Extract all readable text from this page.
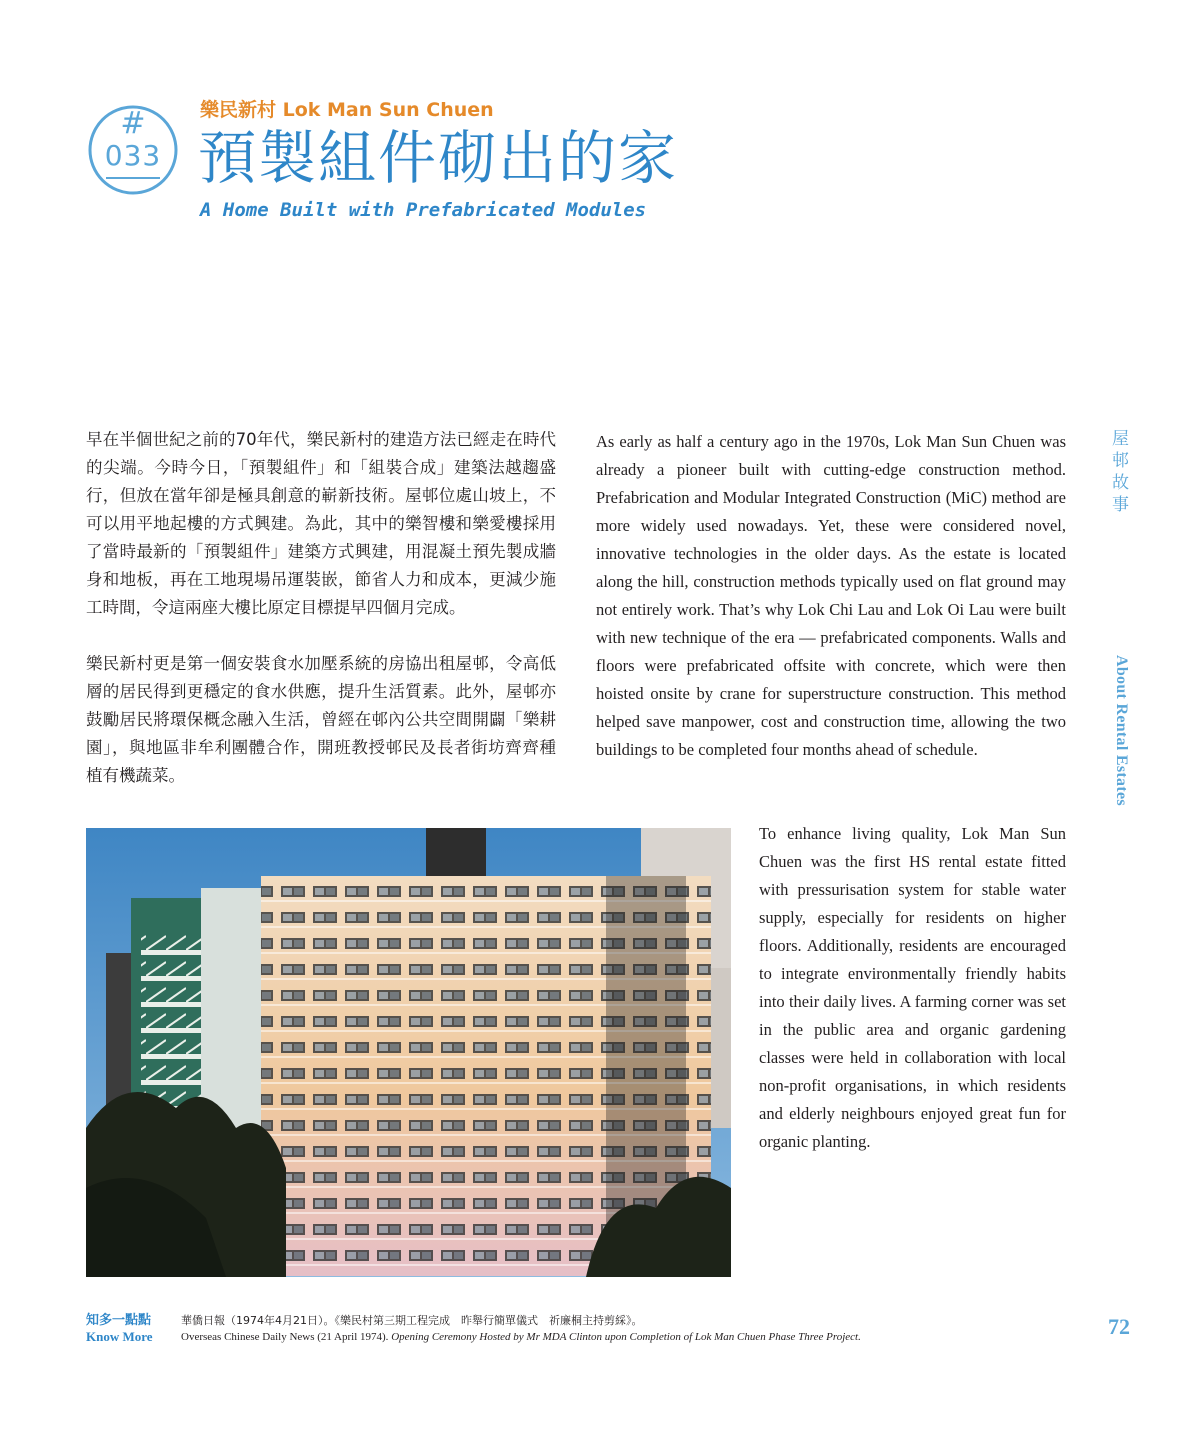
#
033
樂民新村 Lok Man Sun Chuen
預製組件砌出的家
A Home Built with Prefabricated Modules

早在半個世紀之前的70年代，樂民新村的建造方法已經走在時代的尖端。今時今日，「預製組件」和「組裝合成」建築法越趨盛行，但放在當年卻是極具創意的嶄新技術。屋邨位處山坡上，不可以用平地起樓的方式興建。為此，其中的樂智樓和樂愛樓採用了當時最新的「預製組件」建築方式興建，用混凝土預先製成牆身和地板，再在工地現場吊運裝嵌，節省人力和成本，更減少施工時間，令這兩座大樓比原定目標提早四個月完成。

樂民新村更是第一個安裝食水加壓系統的房協出租屋邨，令高低層的居民得到更穩定的食水供應，提升生活質素。此外，屋邨亦鼓勵居民將環保概念融入生活，曾經在邨內公共空間開闢「樂耕園」，與地區非牟利團體合作，開班教授邨民及長者街坊齊齊種植有機蔬菜。

As early as half a century ago in the 1970s, Lok Man Sun Chuen was already a pioneer built with cutting-edge construction method. Prefabrication and Modular Integrated Construction (MiC) method are more widely used nowadays. Yet, these were considered novel, innovative technologies in the older days. As the estate is located along the hill, construction methods typically used on flat ground may not entirely work. That’s why Lok Chi Lau and Lok Oi Lau were built with new technique of the era — prefabricated components. Walls and floors were prefabricated offsite with concrete, which were then hoisted onsite by crane for superstructure construction. This method helped save manpower, cost and construction time, allowing the two buildings to be completed four months ahead of schedule.

To enhance living quality, Lok Man Sun Chuen was the first HS rental estate fitted with pressurisation system for stable water supply, especially for residents on higher floors. Additionally, residents are encouraged to integrate environmentally friendly habits into their daily lives. A farming corner was set in the public area and organic gardening classes were held in collaboration with local non-profit organisations, in which residents and elderly neighbours enjoyed great fun for organic planting.

屋邨故事
About Rental Estates
知多一點點
Know More
華僑日報（1974年4月21日）。《樂民村第三期工程完成　昨舉行簡單儀式　祈廉桐主持剪綵》。
Overseas Chinese Daily News (21 April 1974). Opening Ceremony Hosted by Mr MDA Clinton upon Completion of Lok Man Chuen Phase Three Project.	72
